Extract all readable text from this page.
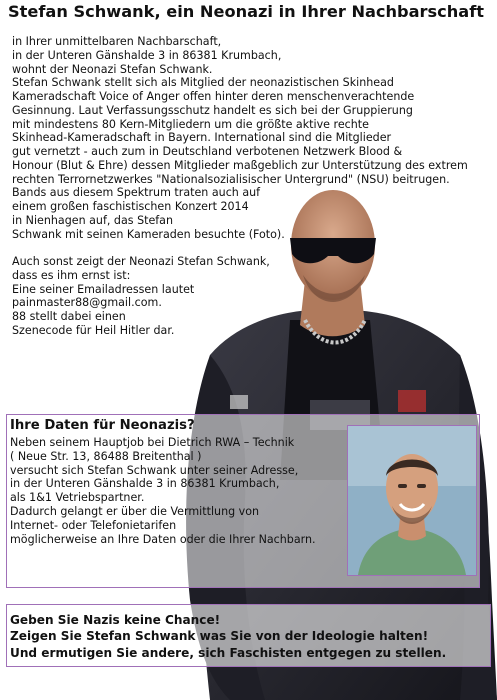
Stefan Schwank, ein Neonazi in Ihrer Nachbarschaft
in Ihrer unmittelbaren Nachbarschaft,
in der Unteren Gänshalde 3 in 86381 Krumbach,
wohnt der Neonazi Stefan Schwank.
Stefan Schwank stellt sich als Mitglied der neonazistischen Skinhead
Kameradschaft Voice of Anger offen hinter deren menschenverachtende
Gesinnung. Laut Verfassungsschutz handelt es sich bei der Gruppierung
mit mindestens 80 Kern-Mitgliedern um die größte aktive rechte
Skinhead-Kameradschaft in Bayern. International sind die Mitglieder
gut vernetzt - auch zum in Deutschland verbotenen Netzwerk Blood &
Honour (Blut & Ehre) dessen Mitglieder maßgeblich zur Unterstützung des extrem
rechten Terrornetzwerkes "Nationalsozialisischer Untergrund" (NSU) beitrugen.
Bands aus diesem Spektrum traten auch auf
einem großen faschistischen Konzert 2014
in Nienhagen auf, das Stefan
Schwank mit seinen Kameraden besuchte (Foto).
Auch sonst zeigt der Neonazi Stefan Schwank,
dass es ihm ernst ist:
Eine seiner Emailadressen lautet
painmaster88@gmail.com.
88 stellt dabei einen
Szenecode für Heil Hitler dar.
Ihre Daten für Neonazis?
Neben seinem Hauptjob bei Dietrich RWA – Technik
( Neue Str. 13, 86488 Breitenthal )
versucht sich Stefan Schwank unter seiner Adresse,
in der Unteren Gänshalde 3 in 86381 Krumbach,
als 1&1 Vetriebspartner.
Dadurch gelangt er über die Vermittlung von
Internet- oder Telefonietarifen
möglicherweise an Ihre Daten oder die Ihrer Nachbarn.
Geben Sie Nazis keine Chance!
Zeigen Sie Stefan Schwank was Sie von der Ideologie halten!
Und ermutigen Sie andere, sich Faschisten entgegen zu stellen.
